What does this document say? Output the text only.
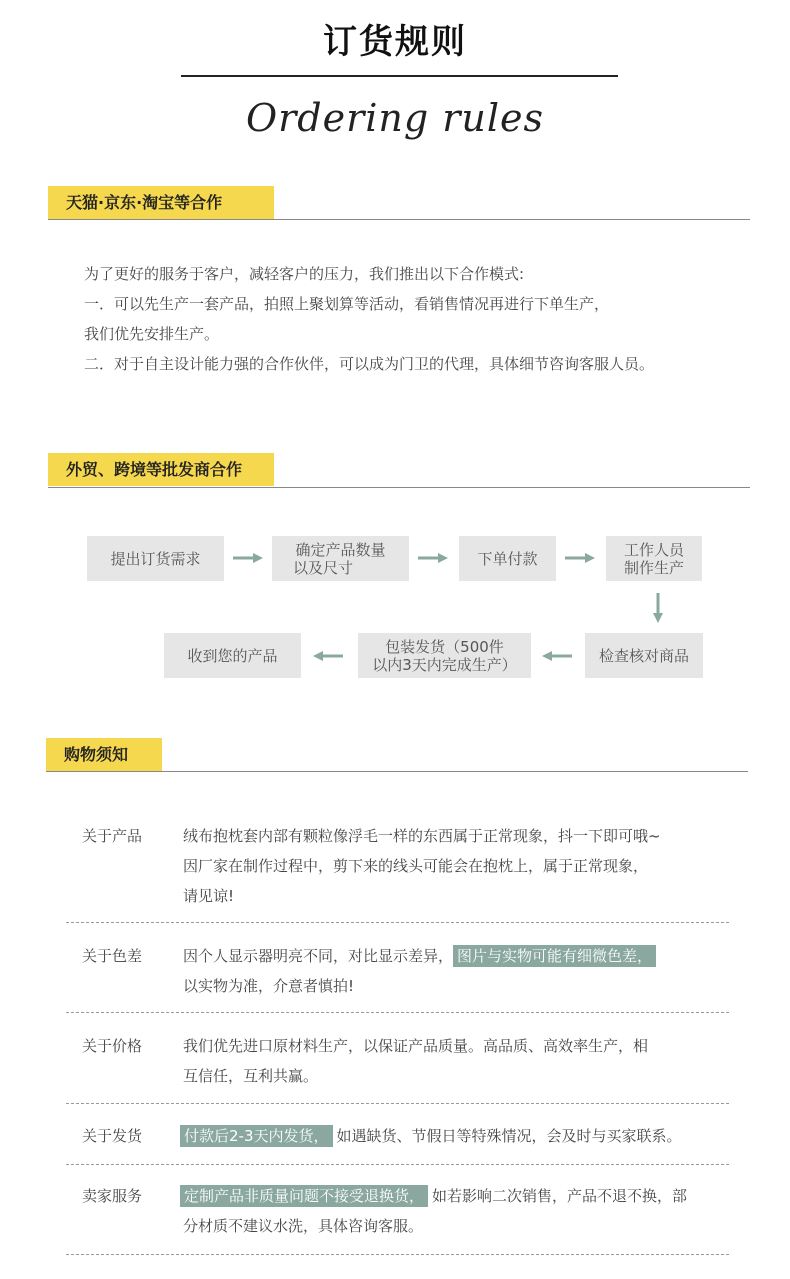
订货规则
Ordering rules
天猫·京东·淘宝等合作
为了更好的服务于客户，减轻客户的压力，我们推出以下合作模式:
一．可以先生产一套产品，拍照上聚划算等活动，看销售情况再进行下单生产，
我们优先安排生产。
二．对于自主设计能力强的合作伙伴，可以成为门卫的代理，具体细节咨询客服人员。
外贸、跨境等批发商合作
提出订货需求	确定产品数量
以及尺寸	下单付款	工作人员
制作生产
检查核对商品
包装发货（500件
以内3天内完成生产）
收到您的产品
购物须知
关于产品	绒布抱枕套内部有颗粒像浮毛一样的东西属于正常现象，抖一下即可哦~
因厂家在制作过程中，剪下来的线头可能会在抱枕上，属于正常现象，
请见谅!
关于色差	因个人显示器明亮不同，对比显示差异， 图片与实物可能有细微色差，
以实物为准，介意者慎拍!
关于价格	我们优先进口原材料生产，以保证产品质量。高品质、高效率生产，相
互信任，互利共赢。
关于发货	付款后2-3天内发货， 如遇缺货、节假日等特殊情况，会及时与买家联系。
卖家服务	定制产品非质量问题不接受退换货， 如若影响二次销售，产品不退不换，部
分材质不建议水洗，具体咨询客服。
